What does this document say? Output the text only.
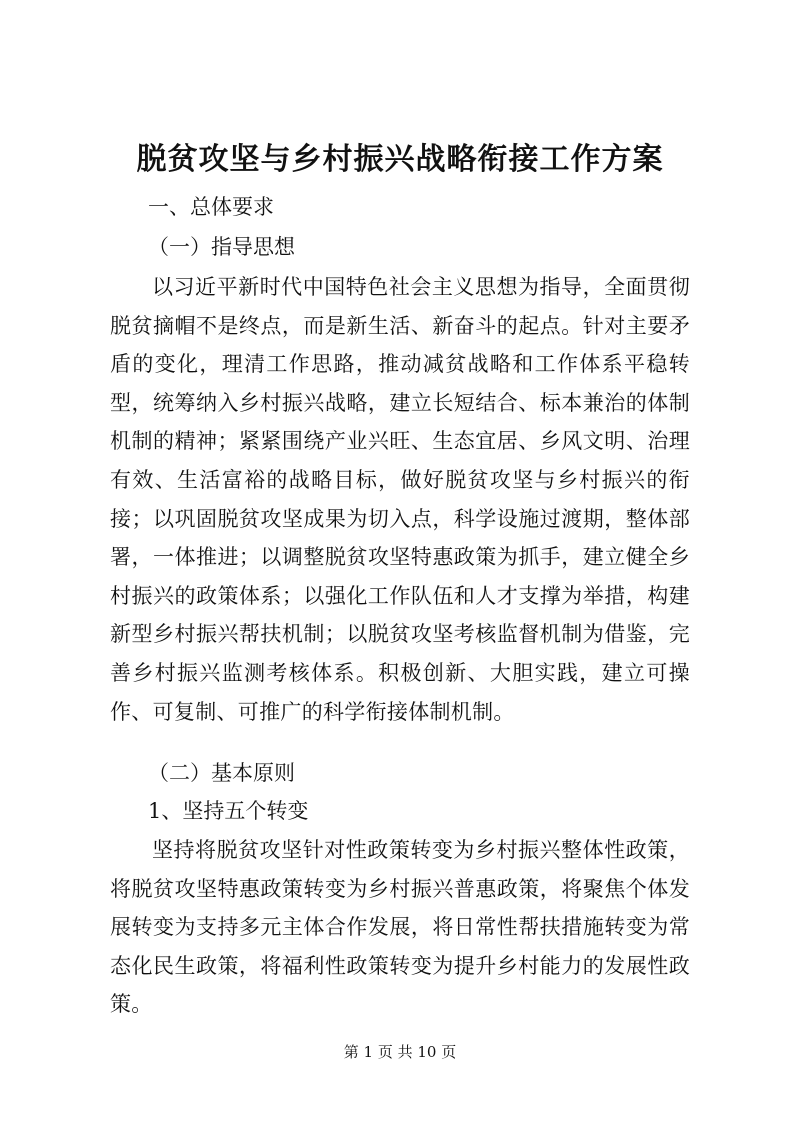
脱贫攻坚与乡村振兴战略衔接工作方案

一、总体要求

（一）指导思想

以习近平新时代中国特色社会主义思想为指导，全面贯彻脱贫摘帽不是终点，而是新生活、新奋斗的起点。针对主要矛盾的变化，理清工作思路，推动减贫战略和工作体系平稳转型，统筹纳入乡村振兴战略，建立长短结合、标本兼治的体制机制的精神；紧紧围绕产业兴旺、生态宜居、乡风文明、治理有效、生活富裕的战略目标，做好脱贫攻坚与乡村振兴的衔接；以巩固脱贫攻坚成果为切入点，科学设施过渡期，整体部署，一体推进；以调整脱贫攻坚特惠政策为抓手，建立健全乡村振兴的政策体系；以强化工作队伍和人才支撑为举措，构建新型乡村振兴帮扶机制；以脱贫攻坚考核监督机制为借鉴，完善乡村振兴监测考核体系。积极创新、大胆实践，建立可操作、可复制、可推广的科学衔接体制机制。

（二）基本原则

1、坚持五个转变

坚持将脱贫攻坚针对性政策转变为乡村振兴整体性政策，将脱贫攻坚特惠政策转变为乡村振兴普惠政策，将聚焦个体发展转变为支持多元主体合作发展，将日常性帮扶措施转变为常态化民生政策，将福利性政策转变为提升乡村能力的发展性政策。

第 1 页 共 10 页
